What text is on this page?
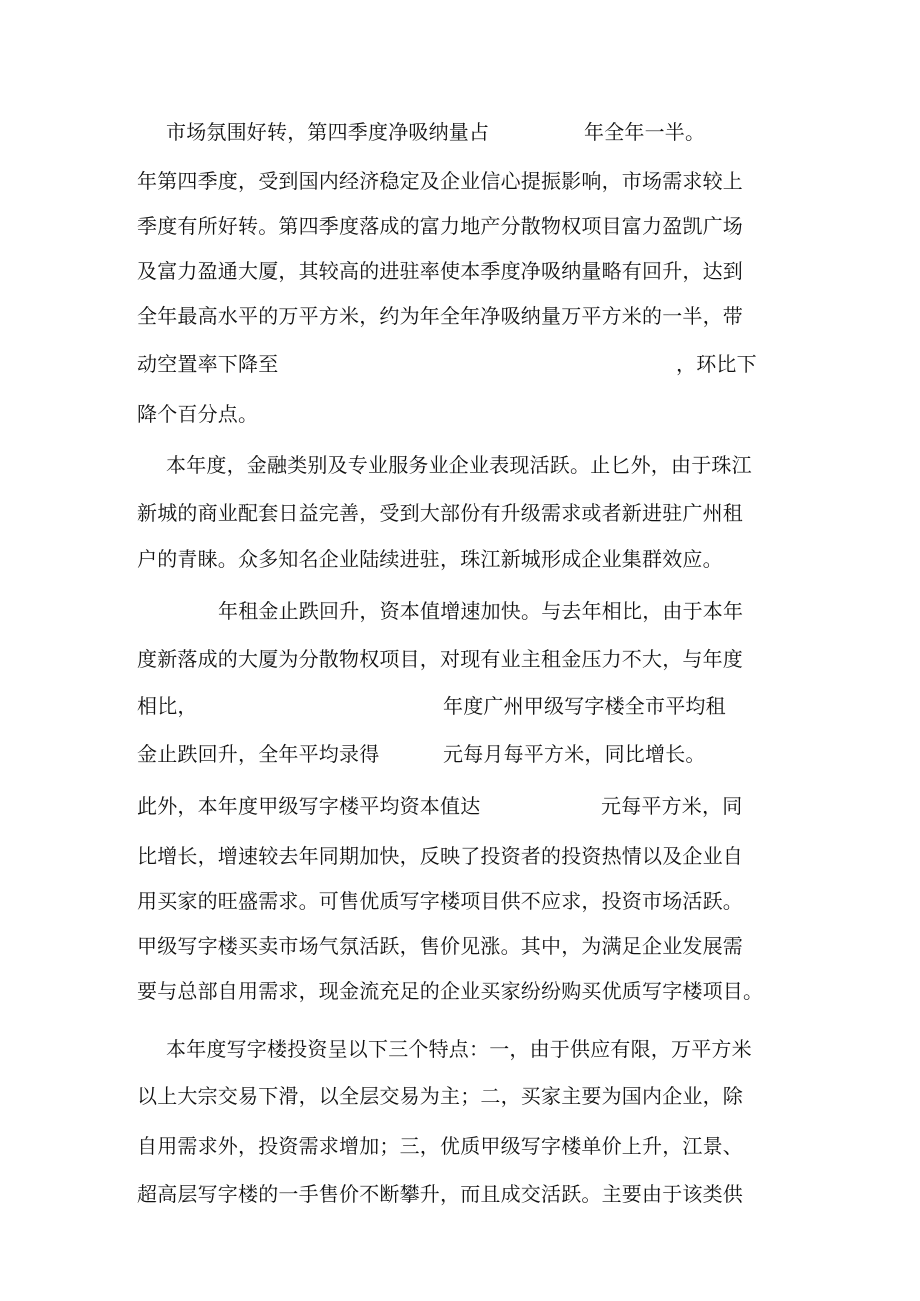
市场氛围好转，第四季度净吸纳量占	年全年一半。
年第四季度，受到国内经济稳定及企业信心提振影响，市场需求较上
季度有所好转。第四季度落成的富力地产分散物权项目富力盈凯广场
及富力盈通大厦，其较高的进驻率使本季度净吸纳量略有回升，达到
全年最高水平的万平方米，约为年全年净吸纳量万平方米的一半，带
动空置率下降至	，环比下
降个百分点。
本年度，金融类别及专业服务业企业表现活跃。止匕外，由于珠江
新城的商业配套日益完善，受到大部份有升级需求或者新进驻广州租
户的青睐。众多知名企业陆续进驻，珠江新城形成企业集群效应。
年租金止跌回升，资本值增速加快。与去年相比，由于本年
度新落成的大厦为分散物权项目，对现有业主租金压力不大，与年度
相比，	年度广州甲级写字楼全市平均租
金止跌回升，全年平均录得	元每月每平方米，同比增长。
此外，本年度甲级写字楼平均资本值达	元每平方米，同
比增长，增速较去年同期加快，反映了投资者的投资热情以及企业自
用买家的旺盛需求。可售优质写字楼项目供不应求，投资市场活跃。
甲级写字楼买卖市场气氛活跃，售价见涨。其中，为满足企业发展需
要与总部自用需求，现金流充足的企业买家纷纷购买优质写字楼项目。
本年度写字楼投资呈以下三个特点：一，由于供应有限，万平方米
以上大宗交易下滑，以全层交易为主；二，买家主要为国内企业，除
自用需求外，投资需求增加；三，优质甲级写字楼单价上升，江景、
超高层写字楼的一手售价不断攀升，而且成交活跃。主要由于该类供
